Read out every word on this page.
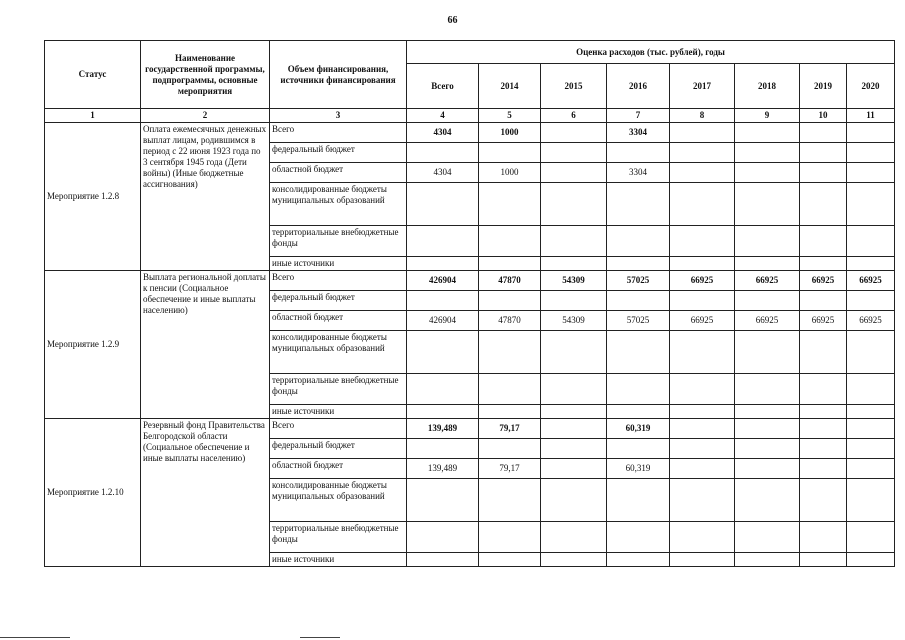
66
Статус	Наименование государственной программы, подпрограммы, основные мероприятия	Объем финансирования, источники финансирования	Оценка расходов (тыс. рублей), годы							
			Всего	2014	2015	2016	2017	2018	2019	2020
1	2	3	4	5	6	7	8	9	10	11
Мероприятие 1.2.8	Оплата ежемесячных денежных выплат лицам, родившимся в период с 22 июня 1923 года по 3 сентября 1945 года (Дети войны) (Иные бюджетные ассигнования)	Всего	4304	1000		3304				
		федеральный бюджет								
		областной бюджет	4304	1000		3304				
		консолидированные бюджеты муниципальных образований								
		территориальные внебюджетные фонды								
		иные источники								
Мероприятие 1.2.9	Выплата региональной доплаты к пенсии (Социальное обеспечение и иные выплаты населению)	Всего	426904	47870	54309	57025	66925	66925	66925	66925
		федеральный бюджет								
		областной бюджет	426904	47870	54309	57025	66925	66925	66925	66925
		консолидированные бюджеты муниципальных образований								
		территориальные внебюджетные фонды								
		иные источники								
Мероприятие 1.2.10	Резервный фонд Правительства Белгородской области (Социальное обеспечение и иные выплаты населению)	Всего	139,489	79,17		60,319				
		федеральный бюджет								
		областной бюджет	139,489	79,17		60,319				
		консолидированные бюджеты муниципальных образований								
		территориальные внебюджетные фонды								
		иные источники								
